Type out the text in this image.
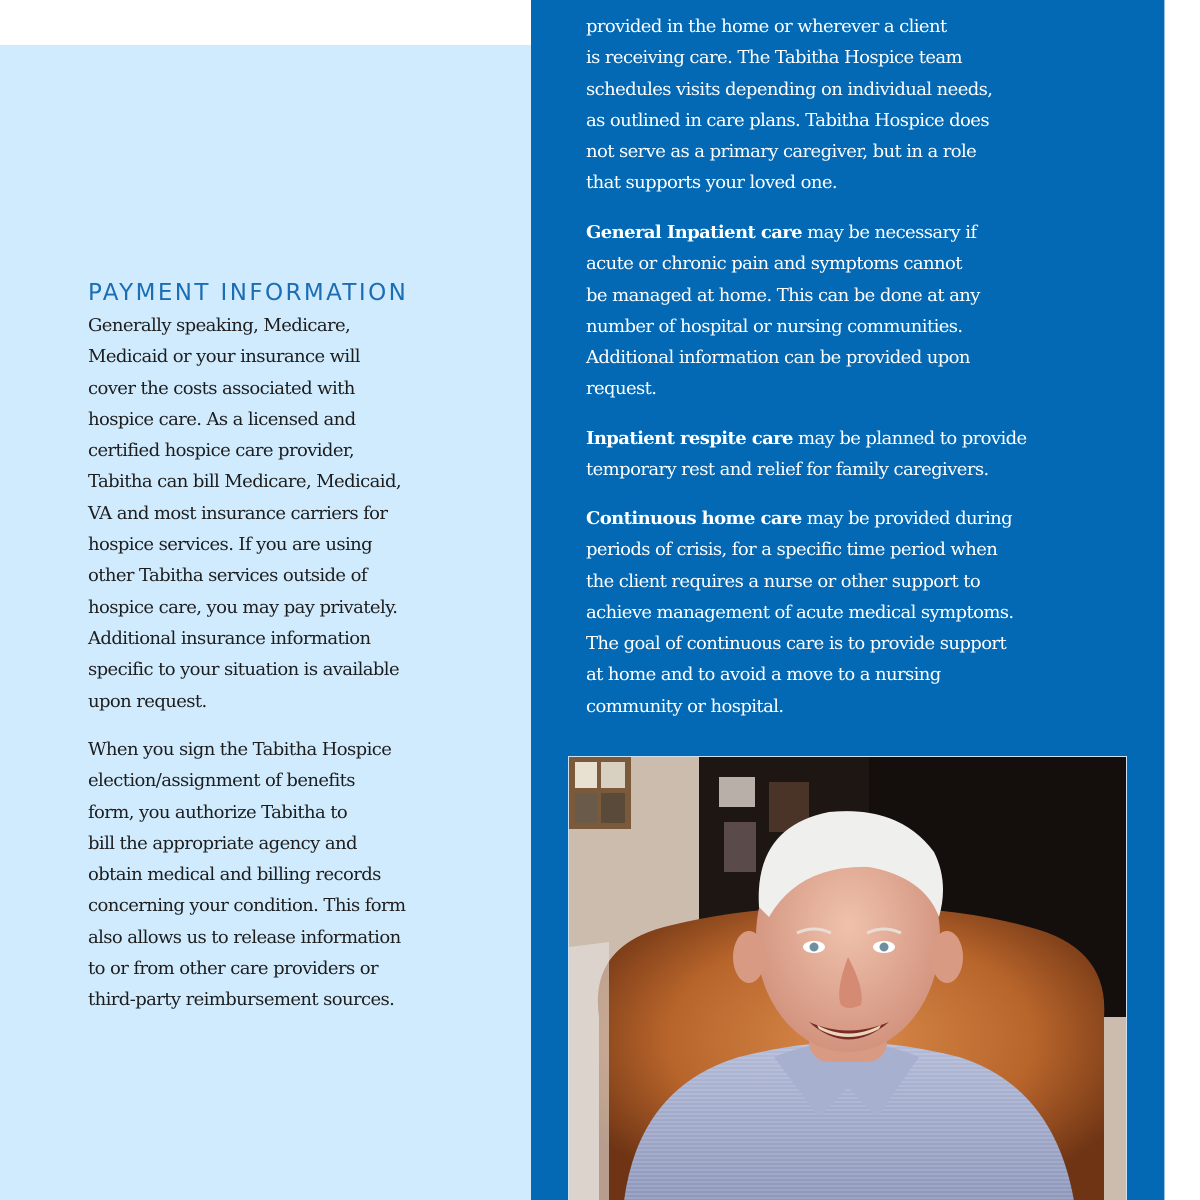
PAYMENT INFORMATION
Generally speaking, Medicare,
Medicaid or your insurance will
cover the costs associated with
hospice care. As a licensed and
certified hospice care provider,
Tabitha can bill Medicare, Medicaid,
VA and most insurance carriers for
hospice services. If you are using
other Tabitha services outside of
hospice care, you may pay privately.
Additional insurance information
specific to your situation is available
upon request.
When you sign the Tabitha Hospice
election/assignment of benefits
form, you authorize Tabitha to
bill the appropriate agency and
obtain medical and billing records
concerning your condition. This form
also allows us to release information
to or from other care providers or
third-party reimbursement sources.
provided in the home or wherever a client
is receiving care. The Tabitha Hospice team
schedules visits depending on individual needs,
as outlined in care plans. Tabitha Hospice does
not serve as a primary caregiver, but in a role
that supports your loved one.
General Inpatient care may be necessary if
acute or chronic pain and symptoms cannot
be managed at home. This can be done at any
number of hospital or nursing communities.
Additional information can be provided upon
request.
Inpatient respite care may be planned to provide
temporary rest and relief for family caregivers.
Continuous home care may be provided during
periods of crisis, for a specific time period when
the client requires a nurse or other support to
achieve management of acute medical symptoms.
The goal of continuous care is to provide support
at home and to avoid a move to a nursing
community or hospital.
